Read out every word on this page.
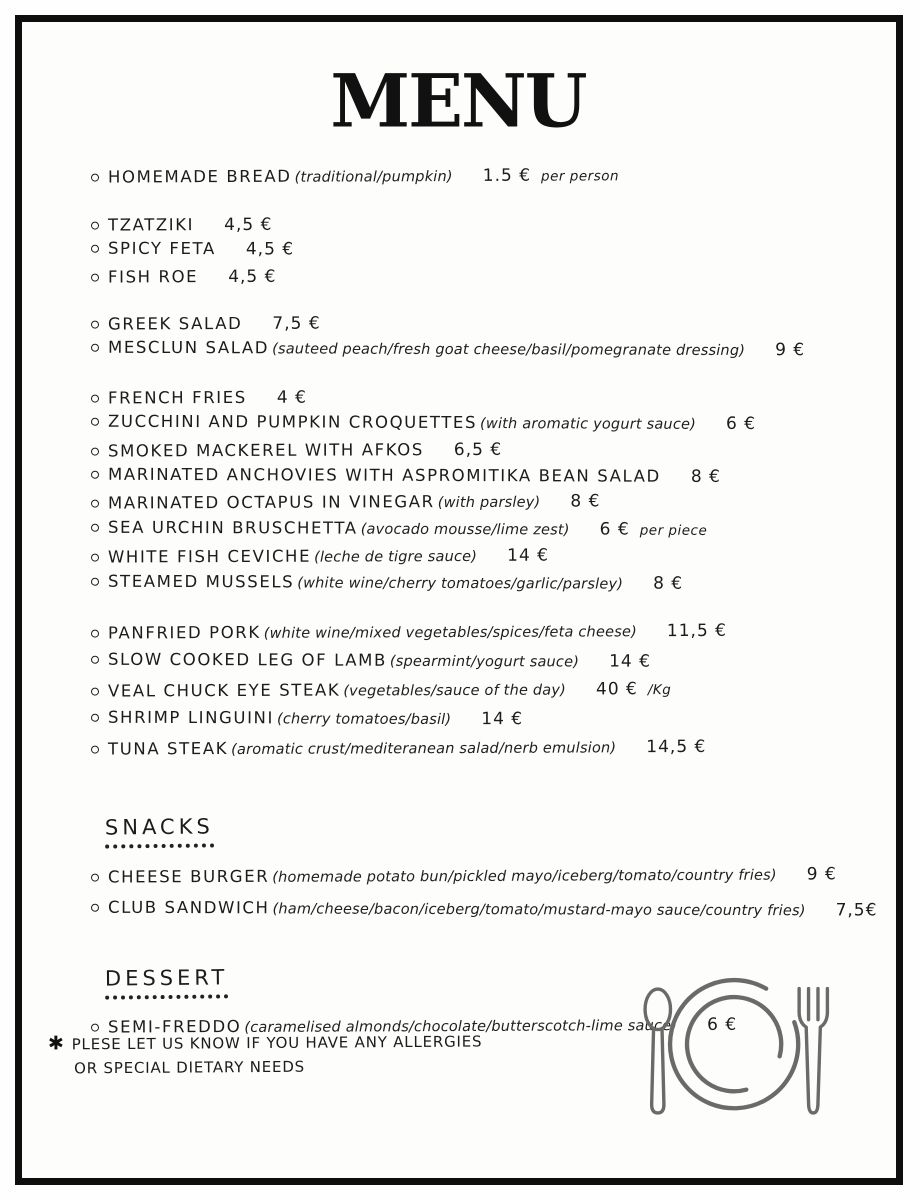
MENU
HOMEMADE BREAD (traditional/pumpkin) 1.5 € per person
TZATZIKI 4,5 €
SPICY FETA 4,5 €
FISH ROE 4,5 €
GREEK SALAD 7,5 €
MESCLUN SALAD (sauteed peach/fresh goat cheese/basil/pomegranate dressing) 9 €
FRENCH FRIES 4 €
ZUCCHINI AND PUMPKIN CROQUETTES (with aromatic yogurt sauce) 6 €
SMOKED MACKEREL WITH AFKOS 6,5 €
MARINATED ANCHOVIES WITH ASPROMITIKA BEAN SALAD 8 €
MARINATED OCTAPUS IN VINEGAR (with parsley) 8 €
SEA URCHIN BRUSCHETTA (avocado mousse/lime zest) 6 € per piece
WHITE FISH CEVICHE (leche de tigre sauce) 14 €
STEAMED MUSSELS (white wine/cherry tomatoes/garlic/parsley) 8 €
PANFRIED PORK (white wine/mixed vegetables/spices/feta cheese) 11,5 €
SLOW COOKED LEG OF LAMB (spearmint/yogurt sauce) 14 €
VEAL CHUCK EYE STEAK (vegetables/sauce of the day) 40 € /Kg
SHRIMP LINGUINI (cherry tomatoes/basil) 14 €
TUNA STEAK (aromatic crust/mediteranean salad/nerb emulsion) 14,5 €
SNACKS
CHEESE BURGER (homemade potato bun/pickled mayo/iceberg/tomato/country fries) 9 €
CLUB SANDWICH (ham/cheese/bacon/iceberg/tomato/mustard-mayo sauce/country fries) 7,5€
DESSERT
SEMI-FREDDO (caramelised almonds/chocolate/butterscotch-lime sauce) 6 €
✱ PLESE LET US KNOW IF YOU HAVE ANY ALLERGIES
OR SPECIAL DIETARY NEEDS
